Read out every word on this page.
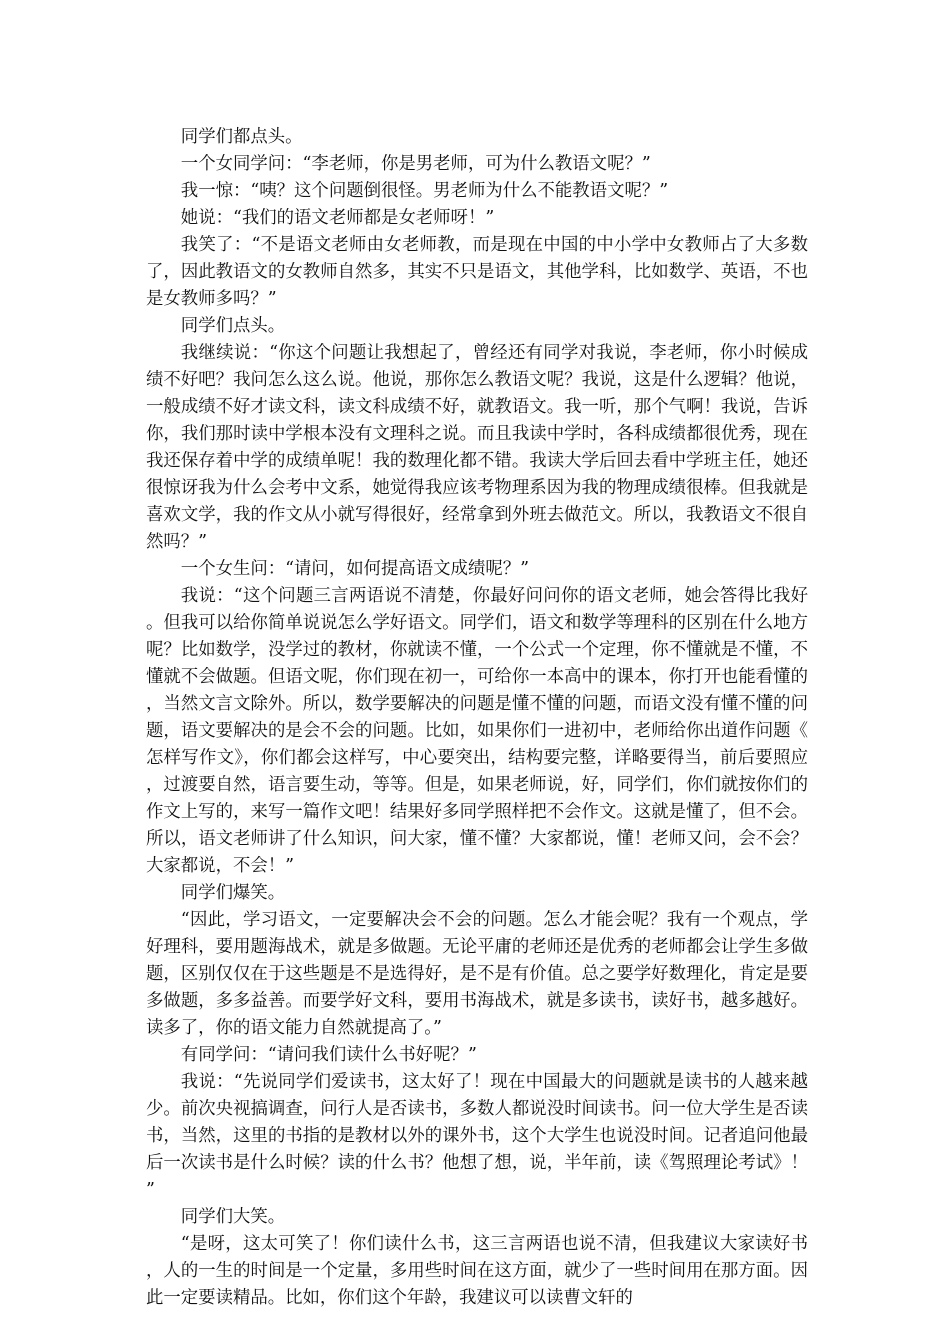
同学们都点头。

一个女同学问：“李老师，你是男老师，可为什么教语文呢？”

我一惊：“咦？这个问题倒很怪。男老师为什么不能教语文呢？”

她说：“我们的语文老师都是女老师呀！”

我笑了：“不是语文老师由女老师教，而是现在中国的中小学中女教师占了大多数了，因此教语文的女教师自然多，其实不只是语文，其他学科，比如数学、英语，不也是女教师多吗？”

同学们点头。

我继续说：“你这个问题让我想起了，曾经还有同学对我说，李老师，你小时候成绩不好吧？我问怎么这么说。他说，那你怎么教语文呢？我说，这是什么逻辑？他说，一般成绩不好才读文科，读文科成绩不好，就教语文。我一听，那个气啊！我说，告诉你，我们那时读中学根本没有文理科之说。而且我读中学时，各科成绩都很优秀，现在我还保存着中学的成绩单呢！我的数理化都不错。我读大学后回去看中学班主任，她还很惊讶我为什么会考中文系，她觉得我应该考物理系因为我的物理成绩很棒。但我就是喜欢文学，我的作文从小就写得很好，经常拿到外班去做范文。所以，我教语文不很自然吗？”

一个女生问：“请问，如何提高语文成绩呢？”

我说：“这个问题三言两语说不清楚，你最好问问你的语文老师，她会答得比我好。但我可以给你简单说说怎么学好语文。同学们，语文和数学等理科的区别在什么地方呢？比如数学，没学过的教材，你就读不懂，一个公式一个定理，你不懂就是不懂，不懂就不会做题。但语文呢，你们现在初一，可给你一本高中的课本，你打开也能看懂的，当然文言文除外。所以，数学要解决的问题是懂不懂的问题，而语文没有懂不懂的问题，语文要解决的是会不会的问题。比如，如果你们一进初中，老师给你出道作问题《怎样写作文》，你们都会这样写，中心要突出，结构要完整，详略要得当，前后要照应，过渡要自然，语言要生动，等等。但是，如果老师说，好，同学们，你们就按你们的作文上写的，来写一篇作文吧！结果好多同学照样把不会作文。这就是懂了，但不会。所以，语文老师讲了什么知识，问大家，懂不懂？大家都说，懂！老师又问，会不会？大家都说，不会！”

同学们爆笑。

“因此，学习语文，一定要解决会不会的问题。怎么才能会呢？我有一个观点，学好理科，要用题海战术，就是多做题。无论平庸的老师还是优秀的老师都会让学生多做题，区别仅仅在于这些题是不是选得好，是不是有价值。总之要学好数理化，肯定是要多做题，多多益善。而要学好文科，要用书海战术，就是多读书，读好书，越多越好。读多了，你的语文能力自然就提高了。”

有同学问：“请问我们读什么书好呢？”

我说：“先说同学们爱读书，这太好了！现在中国最大的问题就是读书的人越来越少。前次央视搞调查，问行人是否读书，多数人都说没时间读书。问一位大学生是否读书，当然，这里的书指的是教材以外的课外书，这个大学生也说没时间。记者追问他最后一次读书是什么时候？读的什么书？他想了想，说，半年前，读《驾照理论考试》！”

同学们大笑。

“是呀，这太可笑了！你们读什么书，这三言两语也说不清，但我建议大家读好书，人的一生的时间是一个定量，多用些时间在这方面，就少了一些时间用在那方面。因此一定要读精品。比如，你们这个年龄，我建议可以读曹文轩的
